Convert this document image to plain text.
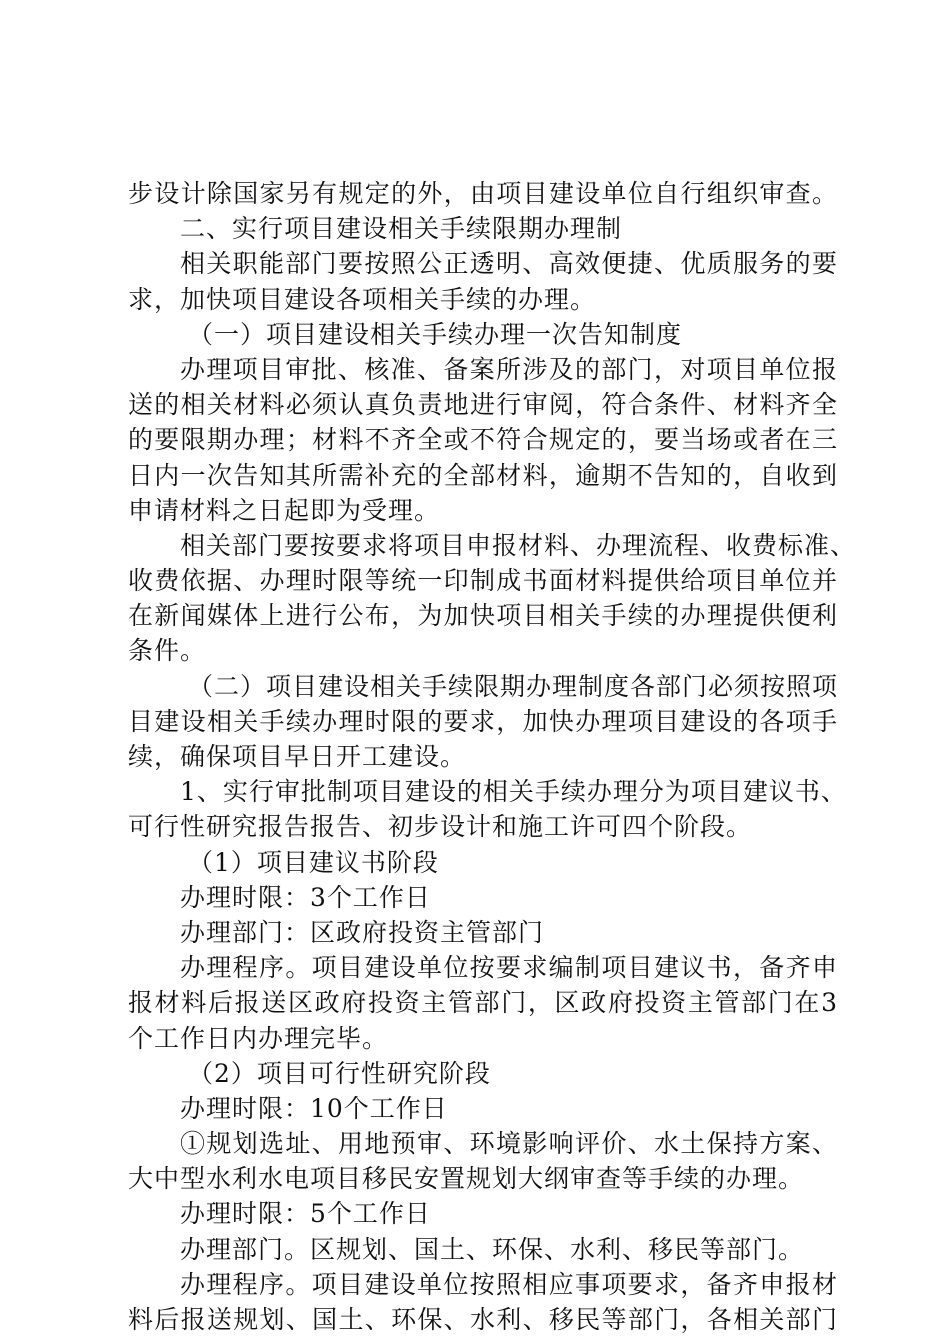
步设计除国家另有规定的外，由项目建设单位自行组织审查。
二、实行项目建设相关手续限期办理制
相关职能部门要按照公正透明、高效便捷、优质服务的要
求，加快项目建设各项相关手续的办理。
（一）项目建设相关手续办理一次告知制度
办理项目审批、核准、备案所涉及的部门，对项目单位报
送的相关材料必须认真负责地进行审阅，符合条件、材料齐全
的要限期办理；材料不齐全或不符合规定的，要当场或者在三
日内一次告知其所需补充的全部材料，逾期不告知的，自收到
申请材料之日起即为受理。
相关部门要按要求将项目申报材料、办理流程、收费标准、
收费依据、办理时限等统一印制成书面材料提供给项目单位并
在新闻媒体上进行公布，为加快项目相关手续的办理提供便利
条件。
（二）项目建设相关手续限期办理制度各部门必须按照项
目建设相关手续办理时限的要求，加快办理项目建设的各项手
续，确保项目早日开工建设。
1、实行审批制项目建设的相关手续办理分为项目建议书、
可行性研究报告报告、初步设计和施工许可四个阶段。
（1）项目建议书阶段
办理时限：3个工作日
办理部门：区政府投资主管部门
办理程序。项目建设单位按要求编制项目建议书，备齐申
报材料后报送区政府投资主管部门，区政府投资主管部门在3
个工作日内办理完毕。
（2）项目可行性研究阶段
办理时限：10个工作日
①规划选址、用地预审、环境影响评价、水土保持方案、
大中型水利水电项目移民安置规划大纲审查等手续的办理。
办理时限：5个工作日
办理部门。区规划、国土、环保、水利、移民等部门。
办理程序。项目建设单位按照相应事项要求，备齐申报材
料后报送规划、国土、环保、水利、移民等部门，各相关部门
